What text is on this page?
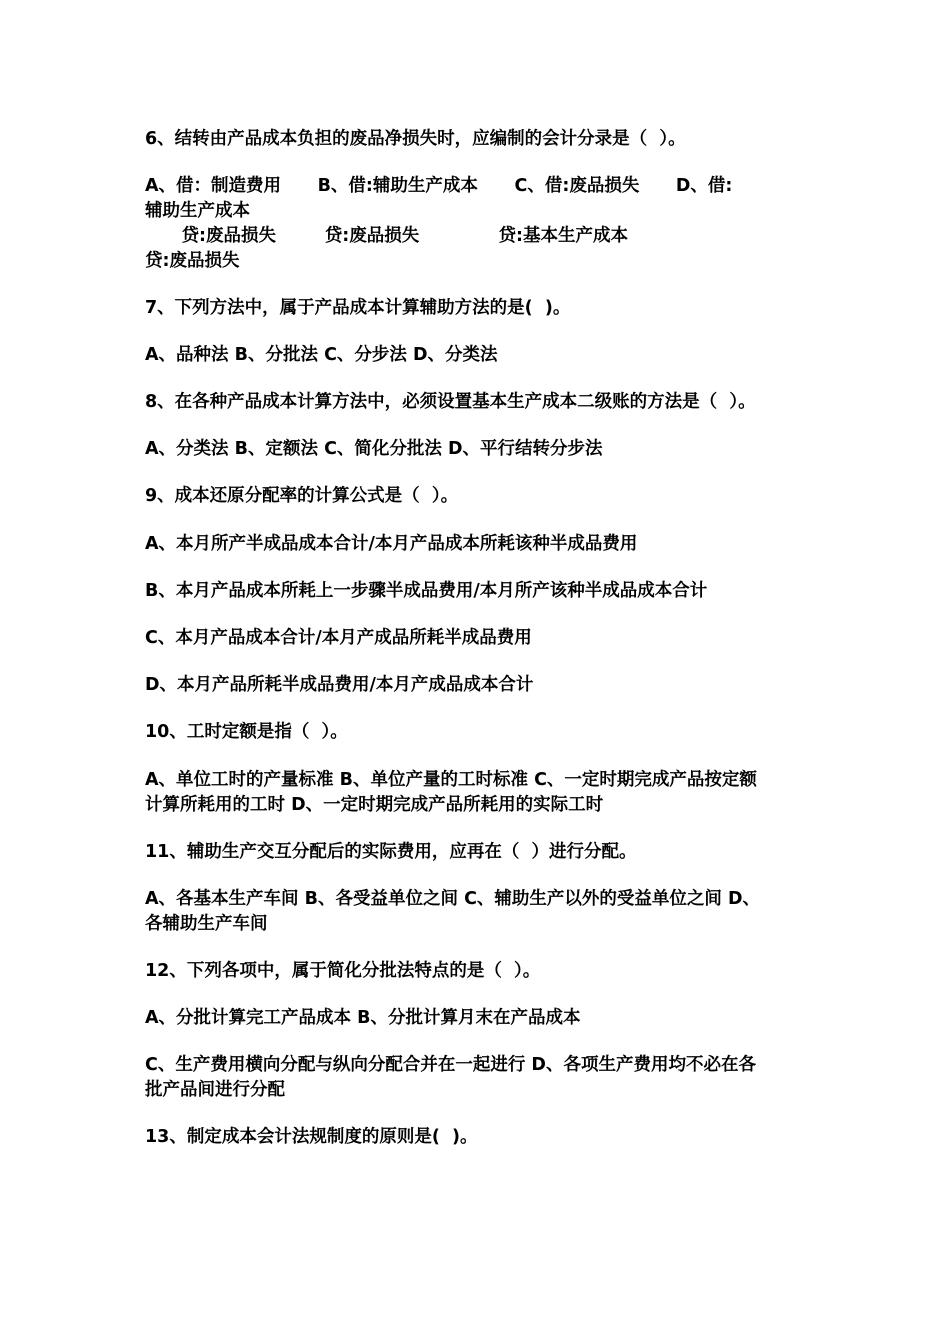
6、结转由产品成本负担的废品净损失时，应编制的会计分录是（  ）。
A、借：制造费用      B、借:辅助生产成本      C、借:废品损失      D、借:
辅助生产成本
贷:废品损失        贷:废品损失             贷:基本生产成本
贷:废品损失
7、下列方法中，属于产品成本计算辅助方法的是(  )。
A、品种法 B、分批法 C、分步法 D、分类法
8、在各种产品成本计算方法中，必须设置基本生产成本二级账的方法是（  ）。
A、分类法 B、定额法 C、简化分批法 D、平行结转分步法
9、成本还原分配率的计算公式是（  ）。
A、本月所产半成品成本合计/本月产品成本所耗该种半成品费用
B、本月产品成本所耗上一步骤半成品费用/本月所产该种半成品成本合计
C、本月产品成本合计/本月产成品所耗半成品费用
D、本月产品所耗半成品费用/本月产成品成本合计
10、工时定额是指（  ）。
A、单位工时的产量标准 B、单位产量的工时标准 C、一定时期完成产品按定额
计算所耗用的工时 D、一定时期完成产品所耗用的实际工时
11、辅助生产交互分配后的实际费用，应再在（  ）进行分配。
A、各基本生产车间 B、各受益单位之间 C、辅助生产以外的受益单位之间 D、
各辅助生产车间
12、下列各项中，属于简化分批法特点的是（  ）。
A、分批计算完工产品成本 B、分批计算月末在产品成本
C、生产费用横向分配与纵向分配合并在一起进行 D、各项生产费用均不必在各
批产品间进行分配
13、制定成本会计法规制度的原则是(  )。
